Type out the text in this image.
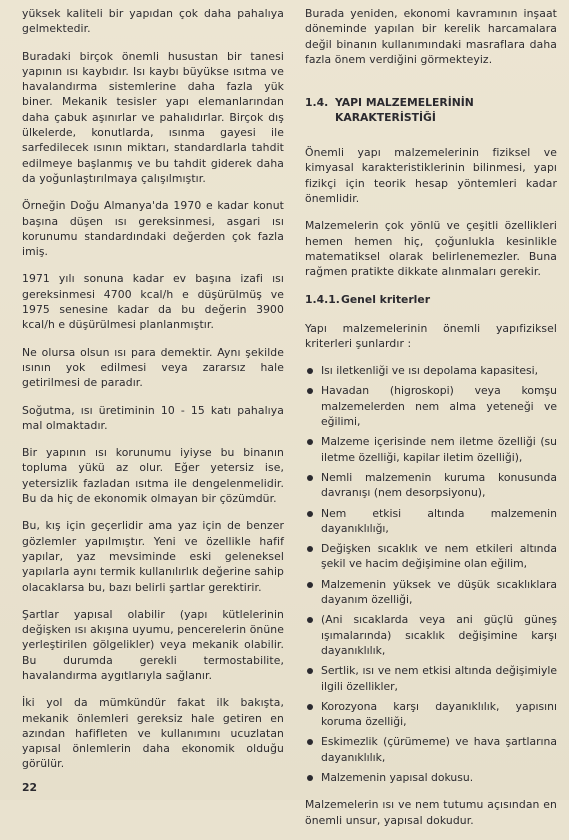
yüksek kaliteli bir yapıdan çok daha pahalıya gelmektedir.

Buradaki birçok önemli husustan bir tanesi yapının ısı kaybıdır. Isı kaybı büyükse ısıtma ve havalandırma sistemlerine daha fazla yük biner. Mekanik tesisler yapı elemanlarından daha çabuk aşınırlar ve pahalıdırlar. Birçok dış ülkelerde, konutlarda, ısınma gayesi ile sarfedilecek ısının miktarı, standardlarla tahdit edilmeye başlanmış ve bu tahdit giderek daha da yoğunlaştırılmaya çalışılmıştır.

Örneğin Doğu Almanya'da 1970 e kadar konut başına düşen ısı gereksinmesi, asgari ısı korunumu standardındaki değerden çok fazla imiş.

1971 yılı sonuna kadar ev başına izafi ısı gereksinmesi 4700 kcal/h e düşürülmüş ve 1975 senesine kadar da bu değerin 3900 kcal/h e düşürülmesi planlanmıştır.

Ne olursa olsun ısı para demektir. Aynı şekilde ısının yok edilmesi veya zararsız hale getirilmesi de paradır.

Soğutma, ısı üretiminin 10 - 15 katı pahalıya mal olmaktadır.

Bir yapının ısı korunumu iyiyse bu binanın topluma yükü az olur. Eğer yetersiz ise, yetersizlik fazladan ısıtma ile dengelenmelidir. Bu da hiç de ekonomik olmayan bir çözümdür.

Bu, kış için geçerlidir ama yaz için de benzer gözlemler yapılmıştır. Yeni ve özellikle hafif yapılar, yaz mevsiminde eski geleneksel yapılarla aynı termik kullanılırlık değerine sahip olacaklarsa bu, bazı belirli şartlar gerektirir.

Şartlar yapısal olabilir (yapı kütlelerinin değişken ısı akışına uyumu, pencerelerin önüne yerleştirilen gölgelikler) veya mekanik olabilir. Bu durumda gerekli termostabilite, havalandırma aygıtlarıyla sağlanır.

İki yol da mümkündür fakat ilk bakışta, mekanik önlemleri gereksiz hale getiren en azından hafifleten ve kullanımını ucuzlatan yapısal önlemlerin daha ekonomik olduğu görülür.

Burada yeniden, ekonomi kavramının inşaat döneminde yapılan bir kerelik harcamalara değil binanın kullanımındaki masraflara daha fazla önem verdiğini görmekteyiz.

1.4. YAPI MALZEMELERİNİN KARAKTERİSTİĞİ

Önemli yapı malzemelerinin fiziksel ve kimyasal karakteristiklerinin bilinmesi, yapı fizikçi için teorik hesap yöntemleri kadar önemlidir.

Malzemelerin çok yönlü ve çeşitli özellikleri hemen hemen hiç, çoğunlukla kesinlikle matematiksel olarak belirlenemezler. Buna rağmen pratikte dikkate alınmaları gerekir.

1.4.1. Genel kriterler

Yapı malzemelerinin önemli yapıfiziksel kriterleri şunlardır :

Isı iletkenliği ve ısı depolama kapasitesi,
Havadan (higroskopi) veya komşu malzemelerden nem alma yeteneği ve eğilimi,
Malzeme içerisinde nem iletme özelliği (su iletme özelliği, kapilar iletim özelliği),
Nemli malzemenin kuruma konusunda davranışı (nem desorpsiyonu),
Nem etkisi altında malzemenin dayanıklılığı,
Değişken sıcaklık ve nem etkileri altında şekil ve hacim değişimine olan eğilim,
Malzemenin yüksek ve düşük sıcaklıklara dayanım özelliği,
(Ani sıcaklarda veya ani güçlü güneş ışımalarında) sıcaklık değişimine karşı dayanıklılık,
Sertlik, ısı ve nem etkisi altında değişimiyle ilgili özellikler,
Korozyona karşı dayanıklılık, yapısını koruma özelliği,
Eskimezlik (çürümeme) ve hava şartlarına dayanıklılık,
Malzemenin yapısal dokusu.

Malzemelerin ısı ve nem tutumu açısından en önemli unsur, yapısal dokudur.

22
